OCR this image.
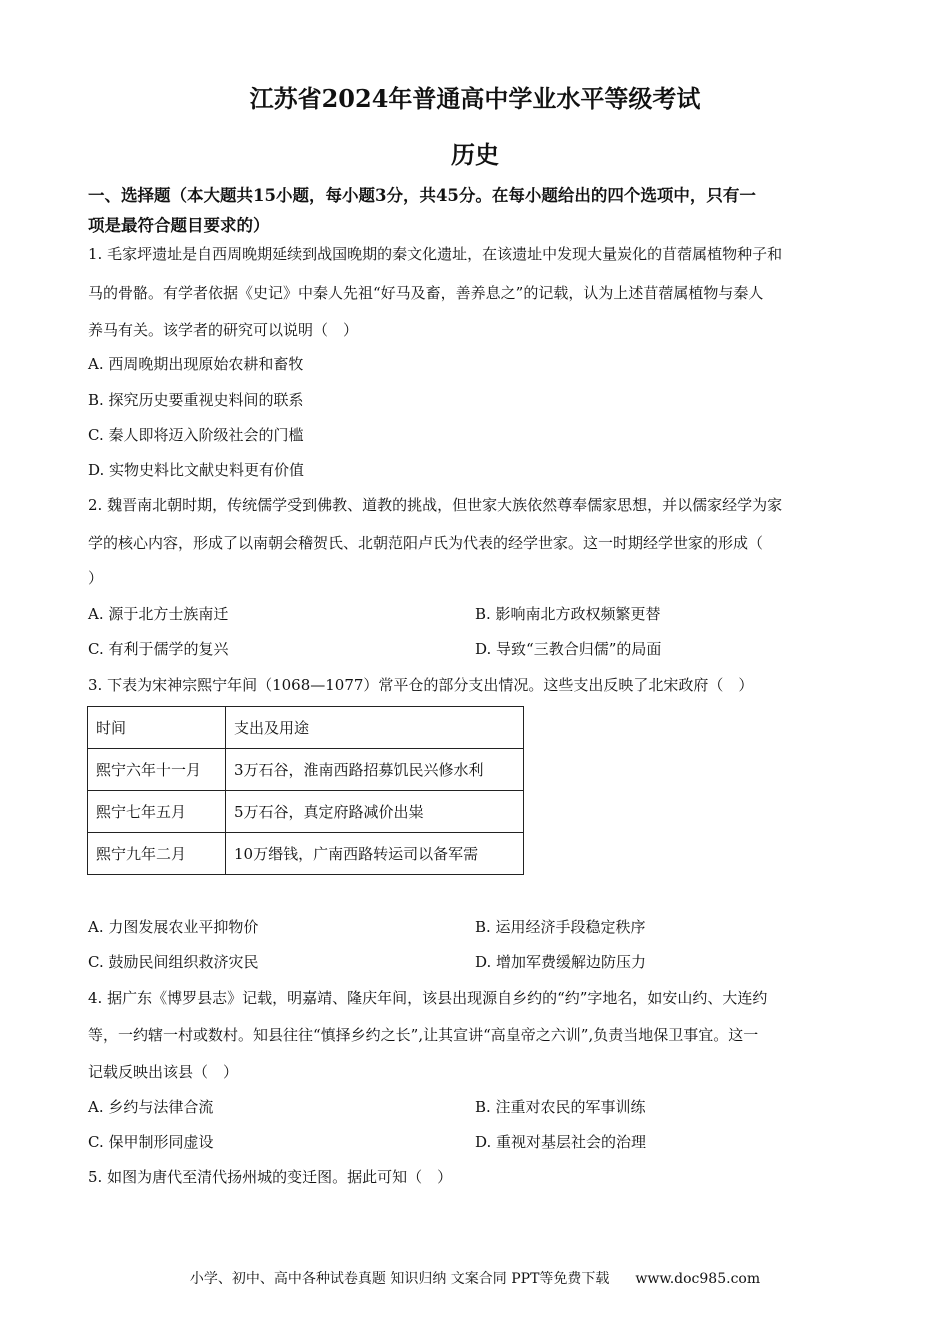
江苏省2024年普通高中学业水平等级考试
历史
一、选择题（本大题共15小题，每小题3分，共45分。在每小题给出的四个选项中，只有一
项是最符合题目要求的）
1. 毛家坪遗址是自西周晚期延续到战国晚期的秦文化遗址，在该遗址中发现大量炭化的苜蓿属植物种子和
马的骨骼。有学者依据《史记》中秦人先祖“好马及畜，善养息之”的记载，认为上述苜蓿属植物与秦人
养马有关。该学者的研究可以说明（　）
A. 西周晚期出现原始农耕和畜牧
B. 探究历史要重视史料间的联系
C. 秦人即将迈入阶级社会的门槛
D. 实物史料比文献史料更有价值
2. 魏晋南北朝时期，传统儒学受到佛教、道教的挑战，但世家大族依然尊奉儒家思想，并以儒家经学为家
学的核心内容，形成了以南朝会稽贺氏、北朝范阳卢氏为代表的经学世家。这一时期经学世家的形成（
）
A. 源于北方士族南迁	B. 影响南北方政权频繁更替
C. 有利于儒学的复兴	D. 导致“三教合归儒”的局面
3. 下表为宋神宗熙宁年间（1068—1077）常平仓的部分支出情况。这些支出反映了北宋政府（　）
时间	支出及用途
熙宁六年十一月	3万石谷，淮南西路招募饥民兴修水利
熙宁七年五月	5万石谷，真定府路减价出粜
熙宁九年二月	10万缗钱，广南西路转运司以备军需
A. 力图发展农业平抑物价	B. 运用经济手段稳定秩序
C. 鼓励民间组织救济灾民	D. 增加军费缓解边防压力
4. 据广东《博罗县志》记载，明嘉靖、隆庆年间，该县出现源自乡约的“约”字地名，如安山约、大连约
等，一约辖一村或数村。知县往往“慎择乡约之长”,让其宣讲“高皇帝之六训”,负责当地保卫事宜。这一
记载反映出该县（　）
A. 乡约与法律合流	B. 注重对农民的军事训练
C. 保甲制形同虚设	D. 重视对基层社会的治理
5. 如图为唐代至清代扬州城的变迁图。据此可知（　）
小学、初中、高中各种试卷真题 知识归纳 文案合同 PPT等免费下载 www.doc985.com
